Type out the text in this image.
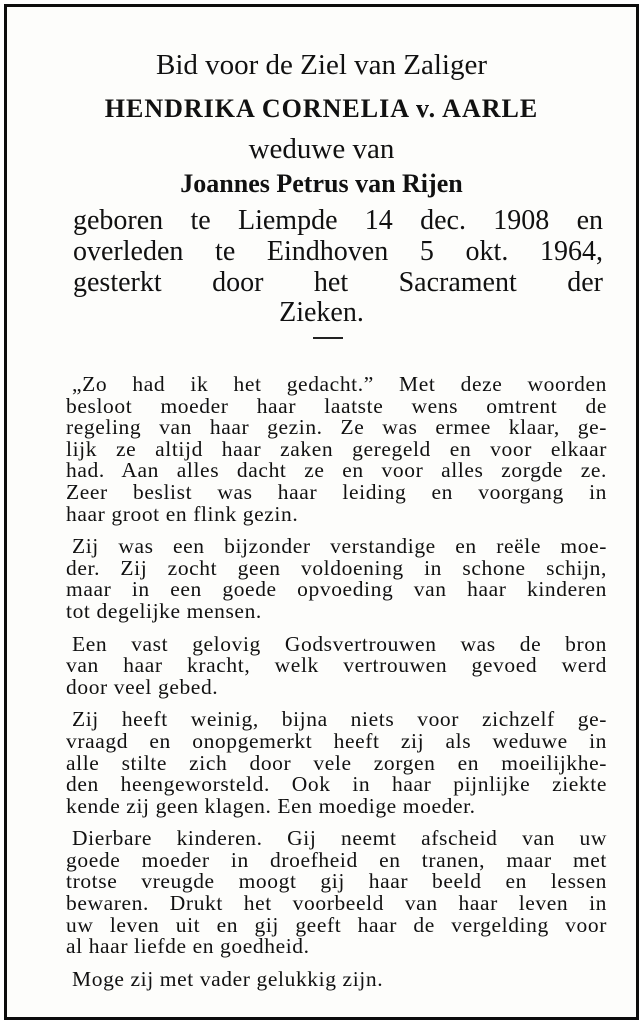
Bid voor de Ziel van Zaliger
HENDRIKA CORNELIA v. AARLE
weduwe van
Joannes Petrus van Rijen
geboren te Liempde 14 dec. 1908 en
overleden te Eindhoven 5 okt. 1964,
gesterkt door het Sacrament der
Zieken.
„Zo had ik het gedacht.” Met deze woorden
besloot moeder haar laatste wens omtrent de
regeling van haar gezin. Ze was ermee klaar, ge-
lijk ze altijd haar zaken geregeld en voor elkaar
had. Aan alles dacht ze en voor alles zorgde ze.
Zeer beslist was haar leiding en voorgang in
haar groot en flink gezin.
Zij was een bijzonder verstandige en reële moe-
der. Zij zocht geen voldoening in schone schijn,
maar in een goede opvoeding van haar kinderen
tot degelijke mensen.
Een vast gelovig Godsvertrouwen was de bron
van haar kracht, welk vertrouwen gevoed werd
door veel gebed.
Zij heeft weinig, bijna niets voor zichzelf ge-
vraagd en onopgemerkt heeft zij als weduwe in
alle stilte zich door vele zorgen en moeilijkhe-
den heengeworsteld. Ook in haar pijnlijke ziekte
kende zij geen klagen. Een moedige moeder.
Dierbare kinderen. Gij neemt afscheid van uw
goede moeder in droefheid en tranen, maar met
trotse vreugde moogt gij haar beeld en lessen
bewaren. Drukt het voorbeeld van haar leven in
uw leven uit en gij geeft haar de vergelding voor
al haar liefde en goedheid.
Moge zij met vader gelukkig zijn.
